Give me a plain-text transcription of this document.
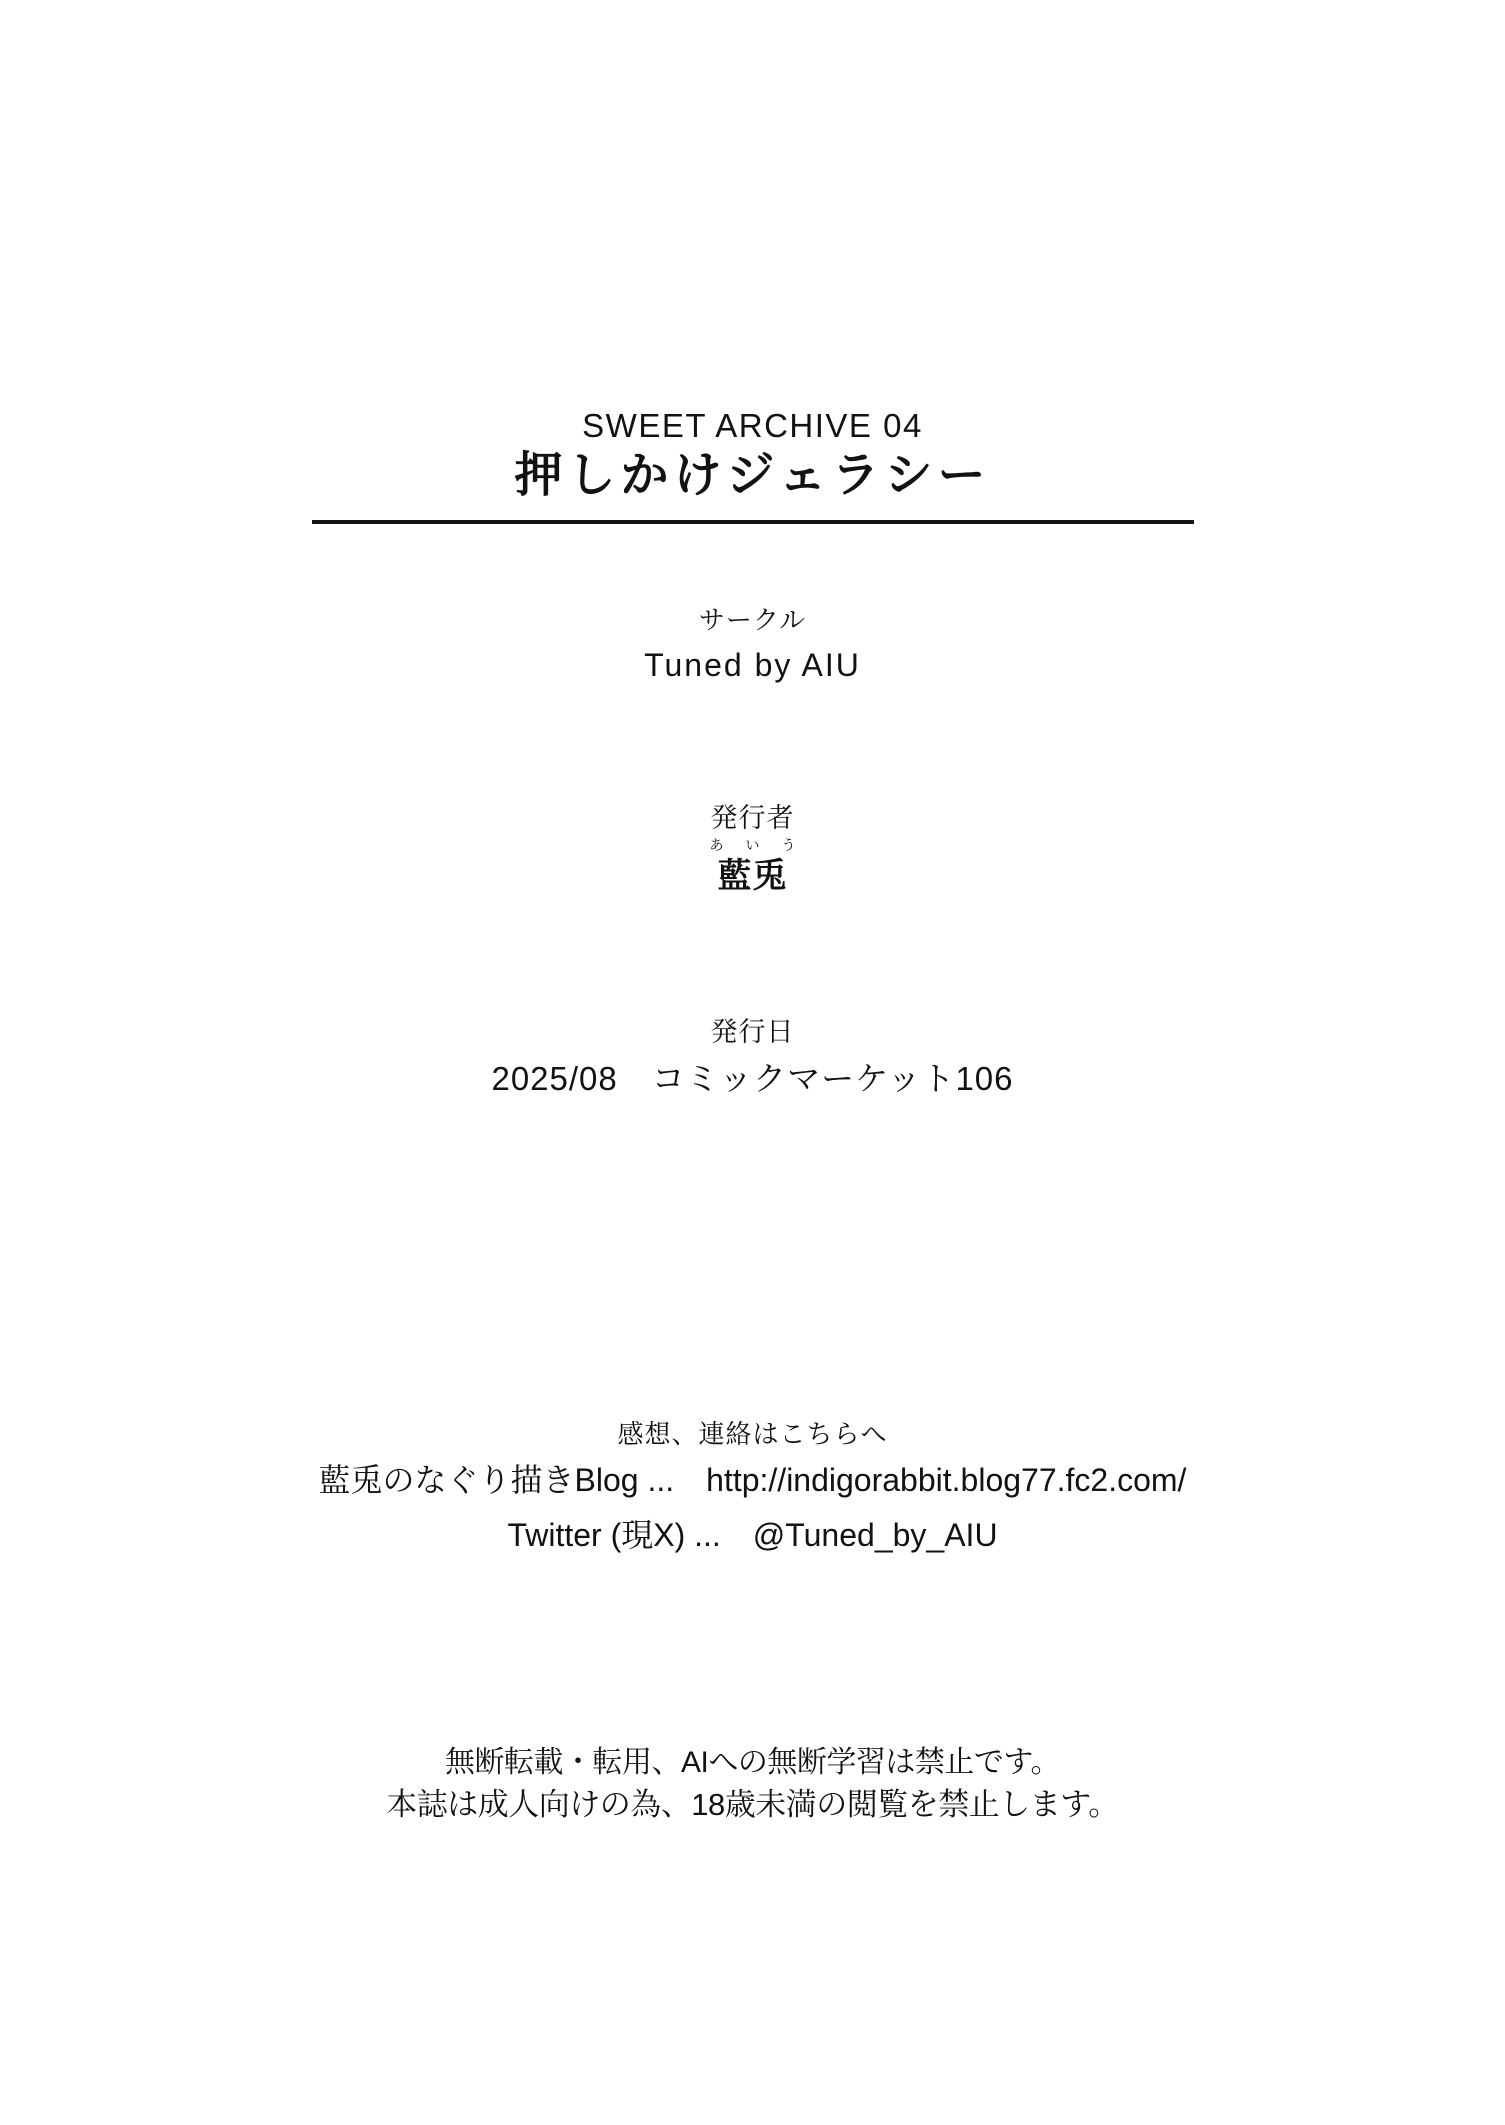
SWEET ARCHIVE 04
押しかけジェラシー
サークル
Tuned by AIU
発行者
あいう
藍兎
発行日
2025/08　コミックマーケット106
感想、連絡はこちらへ
藍兎のなぐり描きBlog ...　http://indigorabbit.blog77.fc2.com/
Twitter (現X) ...　@Tuned_by_AIU
無断転載・転用、AIへの無断学習は禁止です。
本誌は成人向けの為、18歳未満の閲覧を禁止します。
